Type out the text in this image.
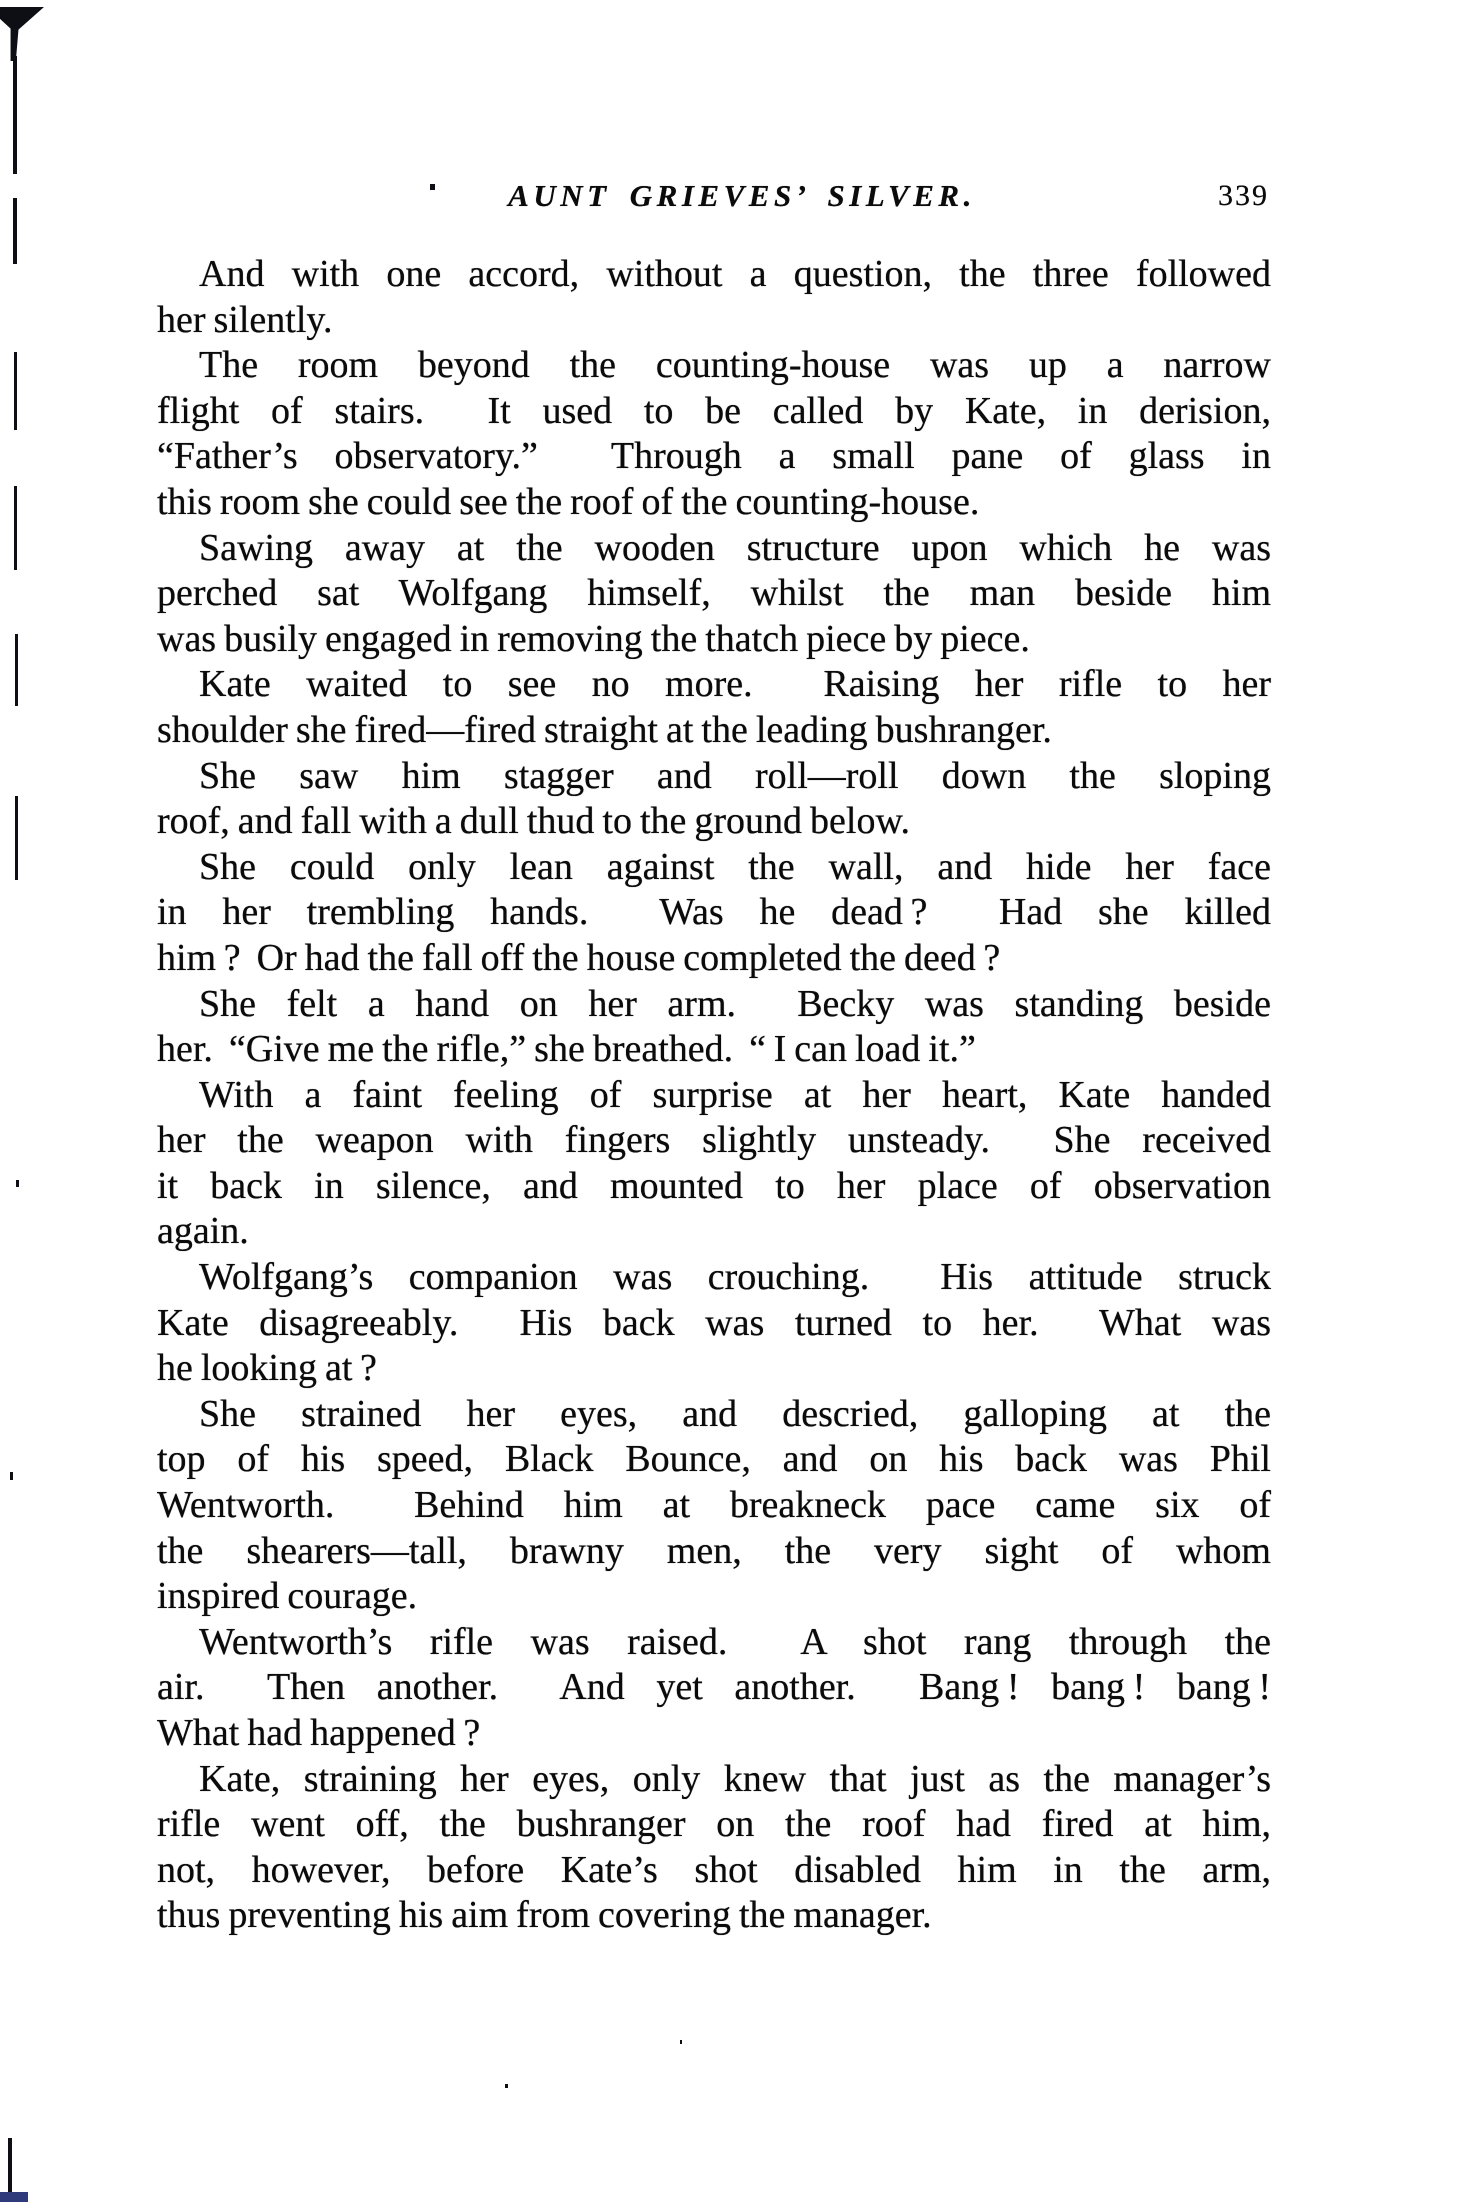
AUNT GRIEVES’ SILVER.	339

And with one accord, without a question, the three followed
her silently.

The room beyond the counting-house was up a narrow
flight of stairs.  It used to be called by Kate, in derision,
“Father’s observatory.”  Through a small pane of glass in
this room she could see the roof of the counting-house.

Sawing away at the wooden structure upon which he was
perched sat Wolfgang himself, whilst the man beside him
was busily engaged in removing the thatch piece by piece.

Kate waited to see no more.  Raising her rifle to her
shoulder she fired—fired straight at the leading bushranger.

She saw him stagger and roll—roll down the sloping
roof, and fall with a dull thud to the ground below.

She could only lean against the wall, and hide her face
in her trembling hands.  Was he dead ?  Had she killed
him ?  Or had the fall off the house completed the deed ?

She felt a hand on her arm.  Becky was standing beside
her.  “Give me the rifle,” she breathed.  “ I can load it.”

With a faint feeling of surprise at her heart, Kate handed
her the weapon with fingers slightly unsteady.  She received
it back in silence, and mounted to her place of observation
again.

Wolfgang’s companion was crouching.  His attitude struck
Kate disagreeably.  His back was turned to her.  What was
he looking at ?

She strained her eyes, and descried, galloping at the
top of his speed, Black Bounce, and on his back was Phil
Wentworth.  Behind him at breakneck pace came six of
the shearers—tall, brawny men, the very sight of whom
inspired courage.

Wentworth’s rifle was raised.  A shot rang through the
air.  Then another.  And yet another.  Bang ! bang ! bang !
What had happened ?

Kate, straining her eyes, only knew that just as the manager’s
rifle went off, the bushranger on the roof had fired at him,
not, however, before Kate’s shot disabled him in the arm,
thus preventing his aim from covering the manager.
